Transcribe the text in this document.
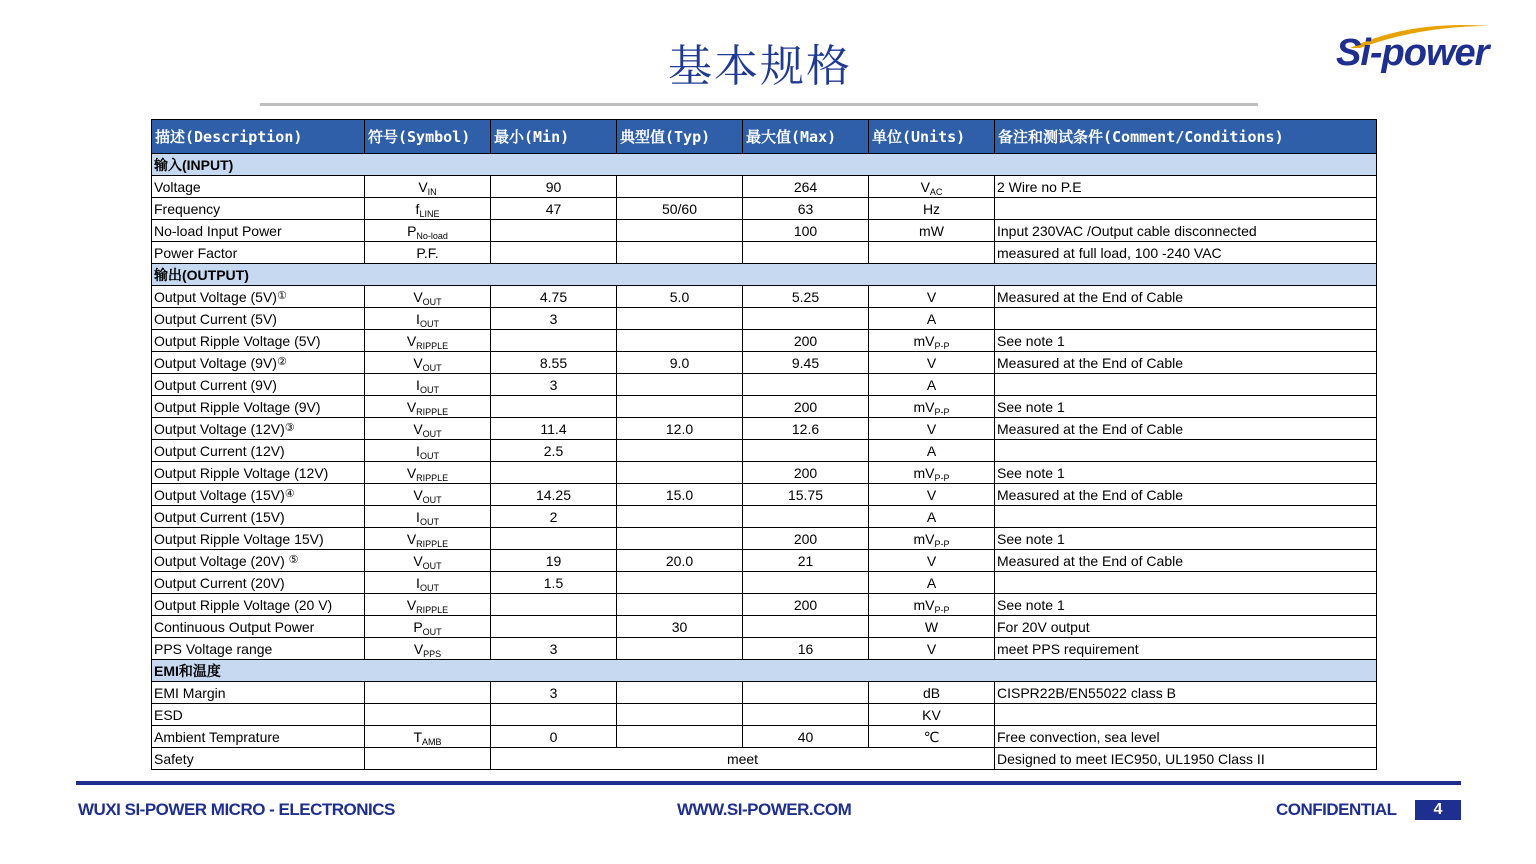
基本规格	Si-power
描述(Description)	符号(Symbol)	最小(Min)	典型值(Typ)	最大值(Max)	单位(Units)	备注和测试条件(Comment/Conditions)
输入(INPUT)						
Voltage	$V_{IN}$	90		264	$V_{AC}$	2 Wire no P.E
Frequency	$f_{LINE}$	47	50/60	63	Hz	
No-load Input Power	$P_{No-load}$			100	mW	Input 230VAC /Output cable disconnected
Power Factor	P.F.					measured at full load, 100 -240 VAC
输出(OUTPUT)						
Output Voltage (5V)①	$V_{OUT}$	4.75	5.0	5.25	V	Measured at the End of Cable
Output Current (5V)	$I_{OUT}$	3			A	
Output Ripple Voltage (5V)	$V_{RIPPLE}$			200	$mV_{P-P}$	See note 1
Output Voltage (9V)②	$V_{OUT}$	8.55	9.0	9.45	V	Measured at the End of Cable
Output Current (9V)	$I_{OUT}$	3			A	
Output Ripple Voltage (9V)	$V_{RIPPLE}$			200	$mV_{P-P}$	See note 1
Output Voltage (12V)③	$V_{OUT}$	11.4	12.0	12.6	V	Measured at the End of Cable
Output Current (12V)	$I_{OUT}$	2.5			A	
Output Ripple Voltage (12V)	$V_{RIPPLE}$			200	$mV_{P-P}$	See note 1
Output Voltage (15V)④	$V_{OUT}$	14.25	15.0	15.75	V	Measured at the End of Cable
Output Current (15V)	$I_{OUT}$	2			A	
Output Ripple Voltage 15V)	$V_{RIPPLE}$			200	$mV_{P-P}$	See note 1
Output Voltage (20V) ⑤	$V_{OUT}$	19	20.0	21	V	Measured at the End of Cable
Output Current (20V)	$I_{OUT}$	1.5			A	
Output Ripple Voltage (20 V)	$V_{RIPPLE}$			200	$mV_{P-P}$	See note 1
Continuous Output Power	$P_{OUT}$		30		W	For 20V output
PPS Voltage range	$V_{PPS}$	3		16	V	meet PPS requirement
EMI和温度						
EMI Margin		3			dB	CISPR22B/EN55022 class B
ESD					KV	
Ambient Temprature	$T_{AMB}$	0		40	℃	Free convection, sea level
Safety		meet				Designed to meet IEC950, UL1950 Class II
WUXI SI-POWER MICRO - ELECTRONICS	WWW.SI-POWER.COM	CONFIDENTIAL	4
